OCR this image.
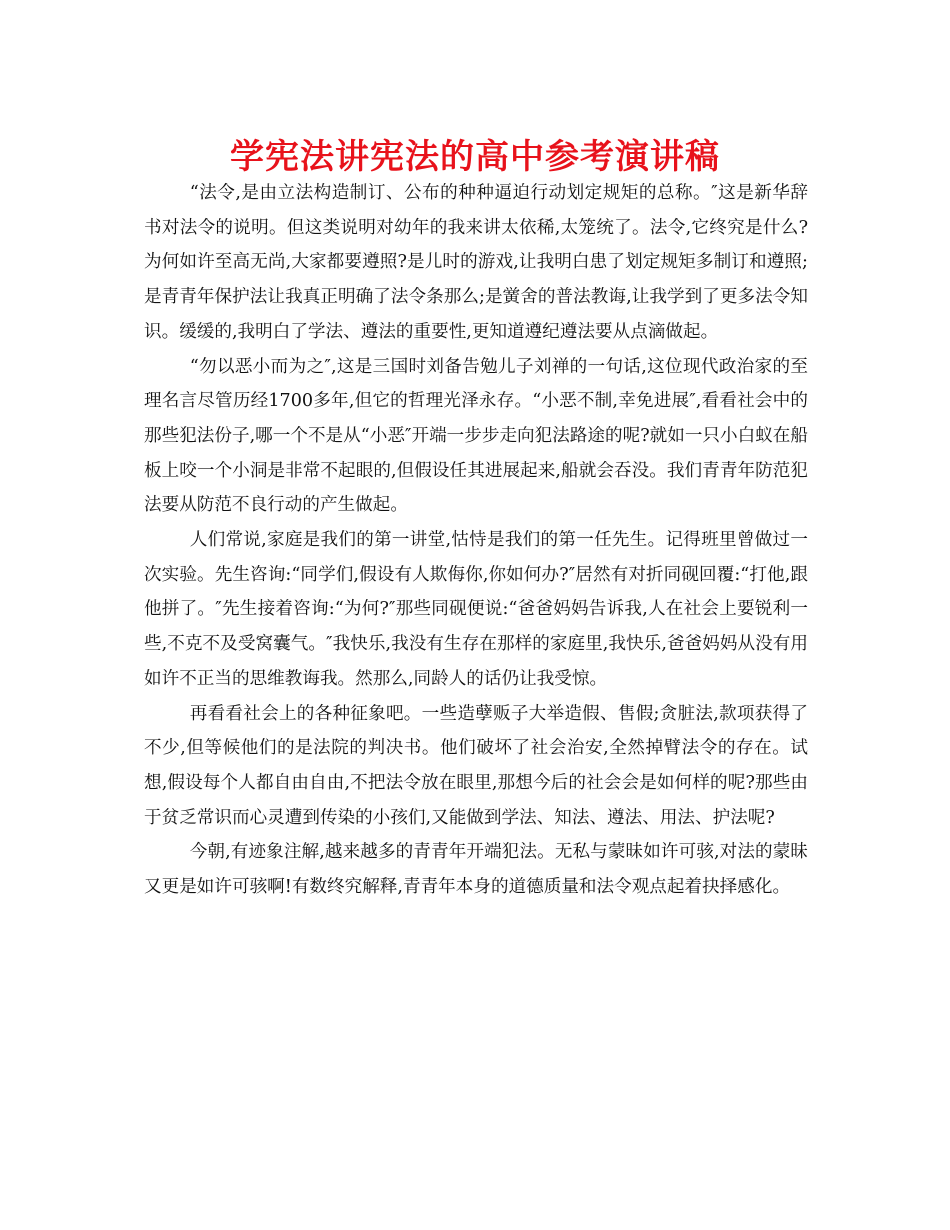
学宪法讲宪法的高中参考演讲稿

“法令,是由立法构造制订、公布的种种逼迫行动划定规矩的总称。″这是新华辞书对法令的说明。但这类说明对幼年的我来讲太依稀,太笼统了。法令,它终究是什么?为何如许至高无尚,大家都要遵照?是儿时的游戏,让我明白患了划定规矩多制订和遵照;是青青年保护法让我真正明确了法令条那么;是黉舍的普法教诲,让我学到了更多法令知识。缓缓的,我明白了学法、遵法的重要性,更知道遵纪遵法要从点滴做起。

“勿以恶小而为之″,这是三国时刘备告勉儿子刘禅的一句话,这位现代政治家的至理名言尽管历经1700多年,但它的哲理光泽永存。“小恶不制,幸免进展″,看看社会中的那些犯法份子,哪一个不是从“小恶″开端一步步走向犯法路途的呢?就如一只小白蚁在船板上咬一个小洞是非常不起眼的,但假设任其进展起来,船就会吞没。我们青青年防范犯法要从防范不良行动的产生做起。

人们常说,家庭是我们的第一讲堂,怙恃是我们的第一任先生。记得班里曾做过一次实验。先生咨询:“同学们,假设有人欺侮你,你如何办?″居然有对折同砚回覆:“打他,跟他拼了。″先生接着咨询:“为何?″那些同砚便说:“爸爸妈妈告诉我,人在社会上要锐利一些,不克不及受窝囊气。″我快乐,我没有生存在那样的家庭里,我快乐,爸爸妈妈从没有用如许不正当的思维教诲我。然那么,同龄人的话仍让我受惊。

再看看社会上的各种征象吧。一些造孽贩子大举造假、售假;贪脏法,款项获得了不少,但等候他们的是法院的判决书。他们破坏了社会治安,全然掉臂法令的存在。试想,假设每个人都自由自由,不把法令放在眼里,那想今后的社会会是如何样的呢?那些由于贫乏常识而心灵遭到传染的小孩们,又能做到学法、知法、遵法、用法、护法呢?

今朝,有迹象注解,越来越多的青青年开端犯法。无私与蒙昧如许可骇,对法的蒙昧又更是如许可骇啊!有数终究解释,青青年本身的道德质量和法令观点起着抉择感化。
